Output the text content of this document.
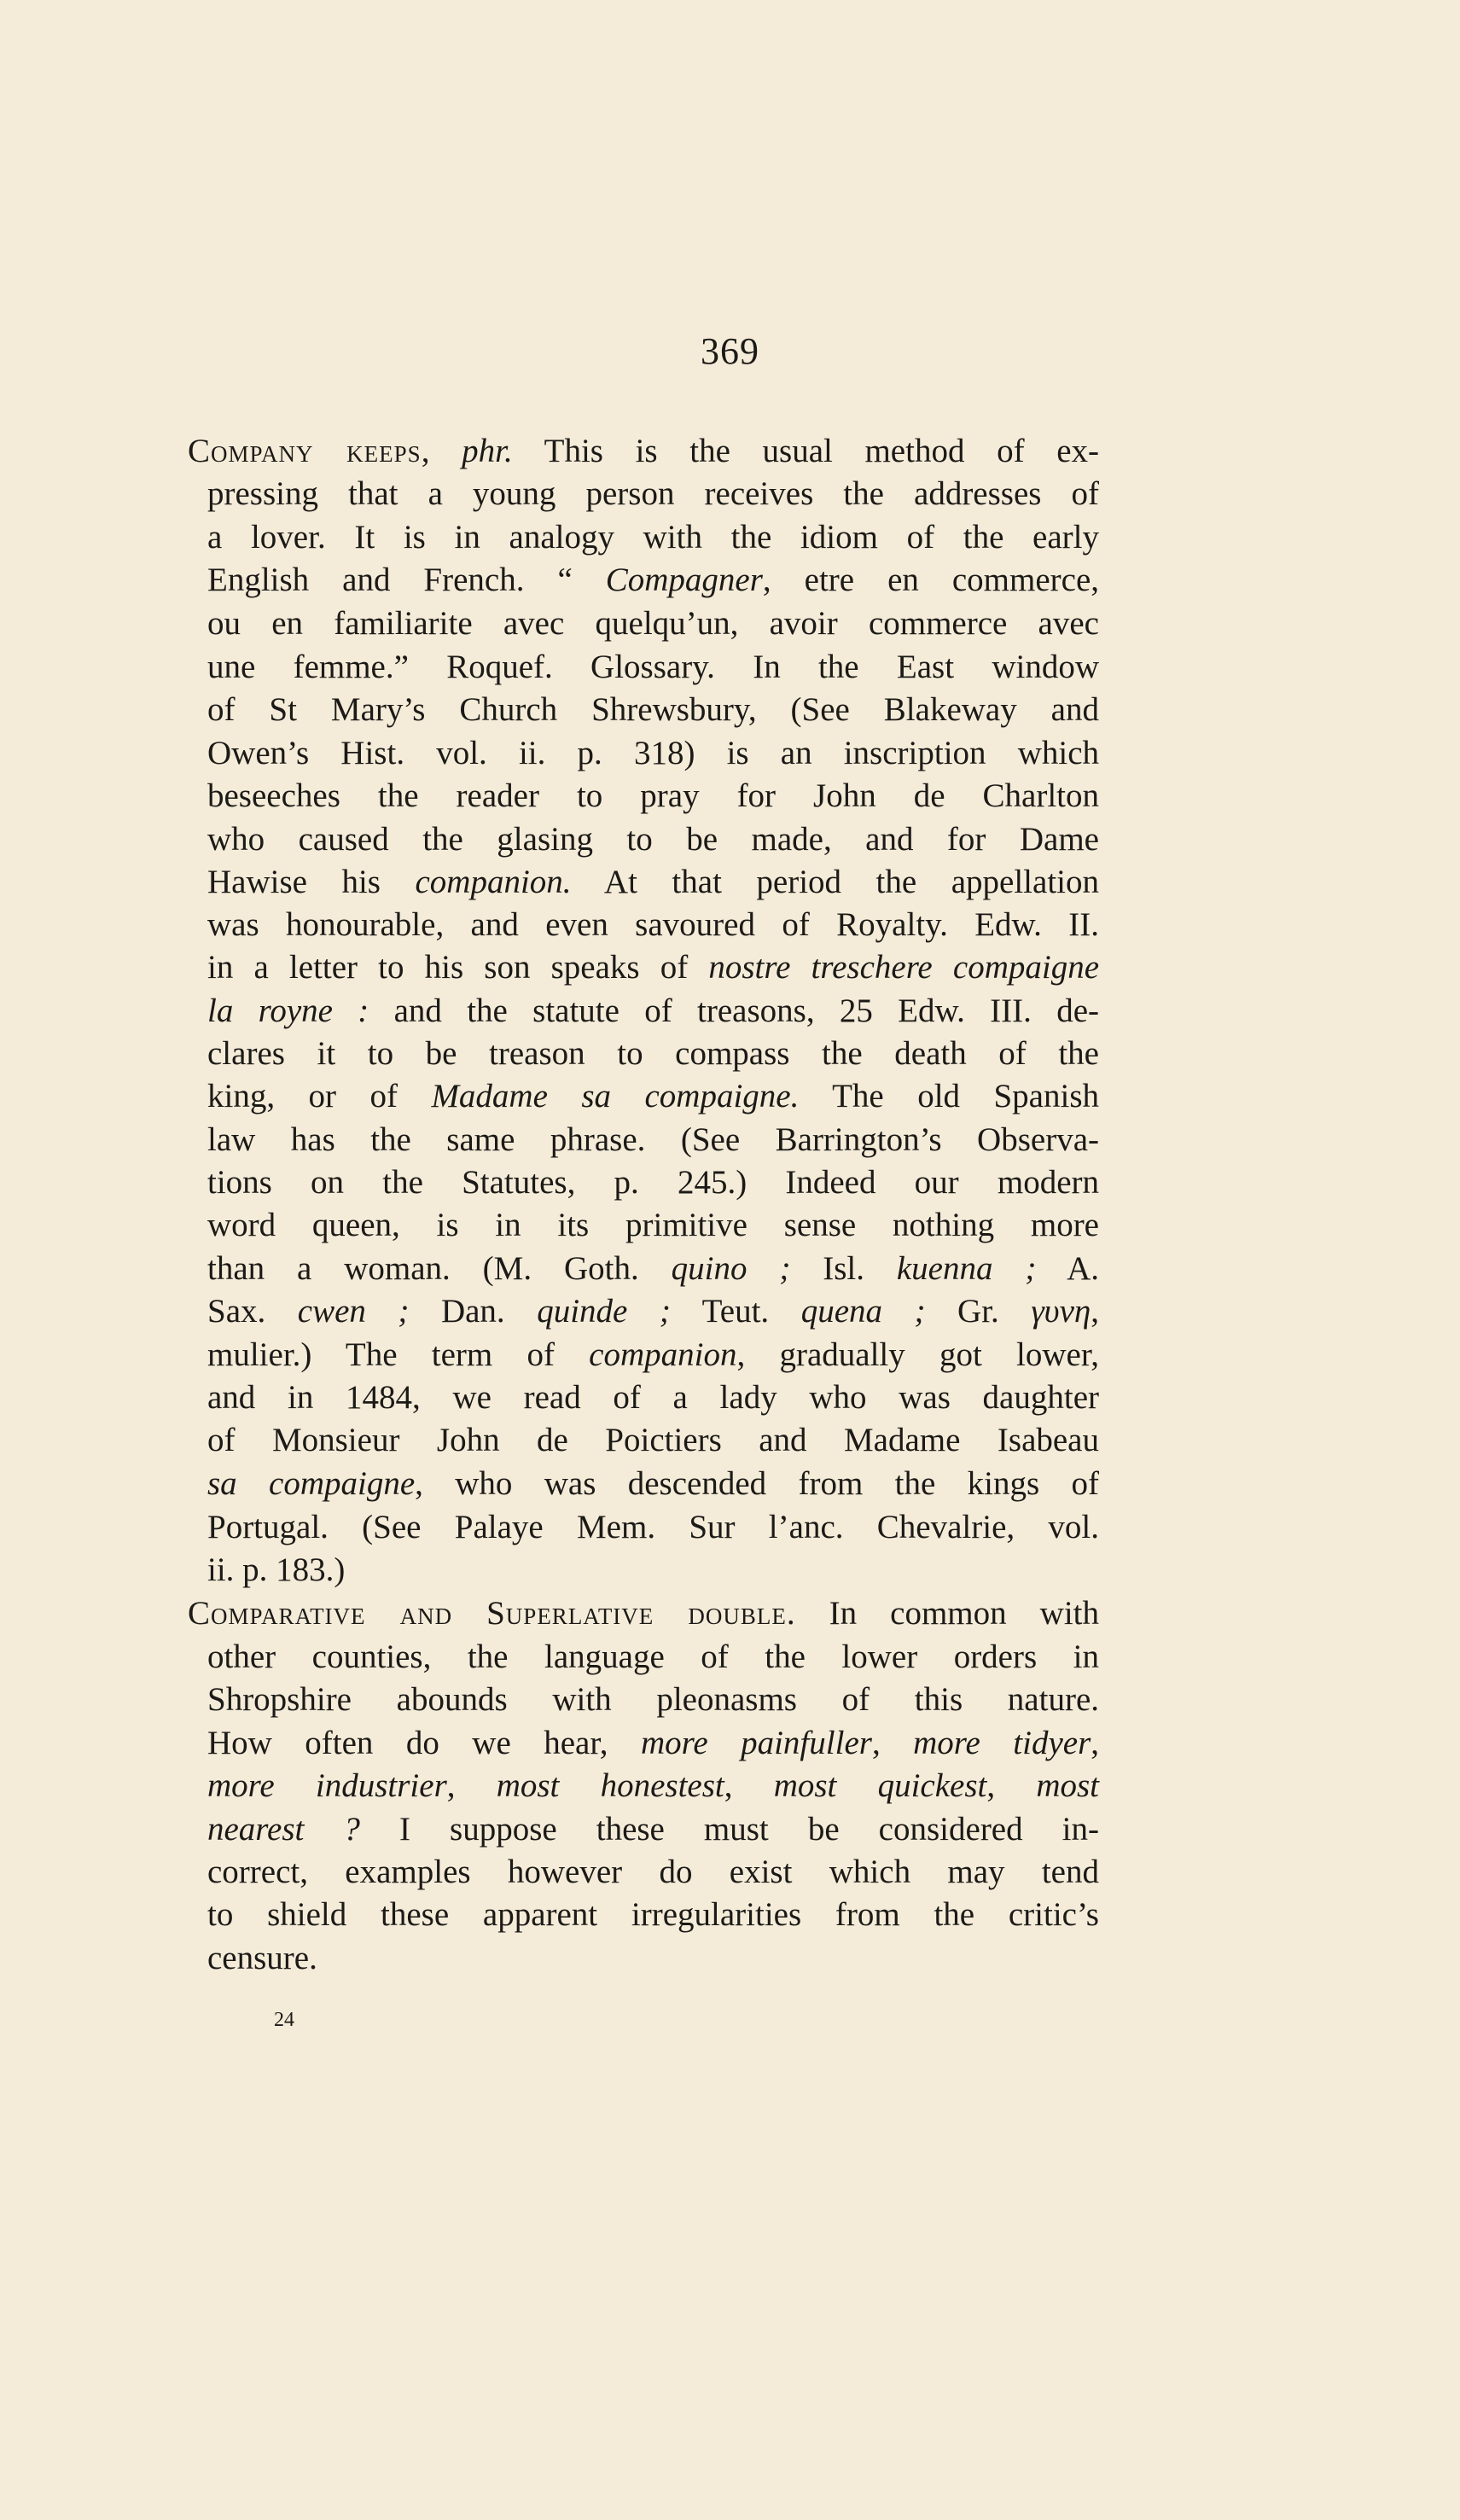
369
Company keeps, phr. This is the usual method of ex-
pressing that a young person receives the addresses of
a lover. It is in analogy with the idiom of the early
English and French. “ Compagner, etre en commerce,
ou en familiarite avec quelqu’un, avoir commerce avec
une femme.” Roquef. Glossary. In the East window
of St Mary’s Church Shrewsbury, (See Blakeway and
Owen’s Hist. vol. ii. p. 318) is an inscription which
beseeches the reader to pray for John de Charlton
who caused the glasing to be made, and for Dame
Hawise his companion. At that period the appellation
was honourable, and even savoured of Royalty. Edw. II.
in a letter to his son speaks of nostre treschere compaigne
la royne : and the statute of treasons, 25 Edw. III. de-
clares it to be treason to compass the death of the
king, or of Madame sa compaigne. The old Spanish
law has the same phrase. (See Barrington’s Observa-
tions on the Statutes, p. 245.) Indeed our modern
word queen, is in its primitive sense nothing more
than a woman. (M. Goth. quino ; Isl. kuenna ; A.
Sax. cwen ; Dan. quinde ; Teut. quena ; Gr. γυνη,
mulier.) The term of companion, gradually got lower,
and in 1484, we read of a lady who was daughter
of Monsieur John de Poictiers and Madame Isabeau
sa compaigne, who was descended from the kings of
Portugal. (See Palaye Mem. Sur l’anc. Chevalrie, vol.
ii. p. 183.)
Comparative and Superlative double. In common with
other counties, the language of the lower orders in
Shropshire abounds with pleonasms of this nature.
How often do we hear, more painfuller, more tidyer,
more industrier, most honestest, most quickest, most
nearest ? I suppose these must be considered in-
correct, examples however do exist which may tend
to shield these apparent irregularities from the critic’s
censure.
24
